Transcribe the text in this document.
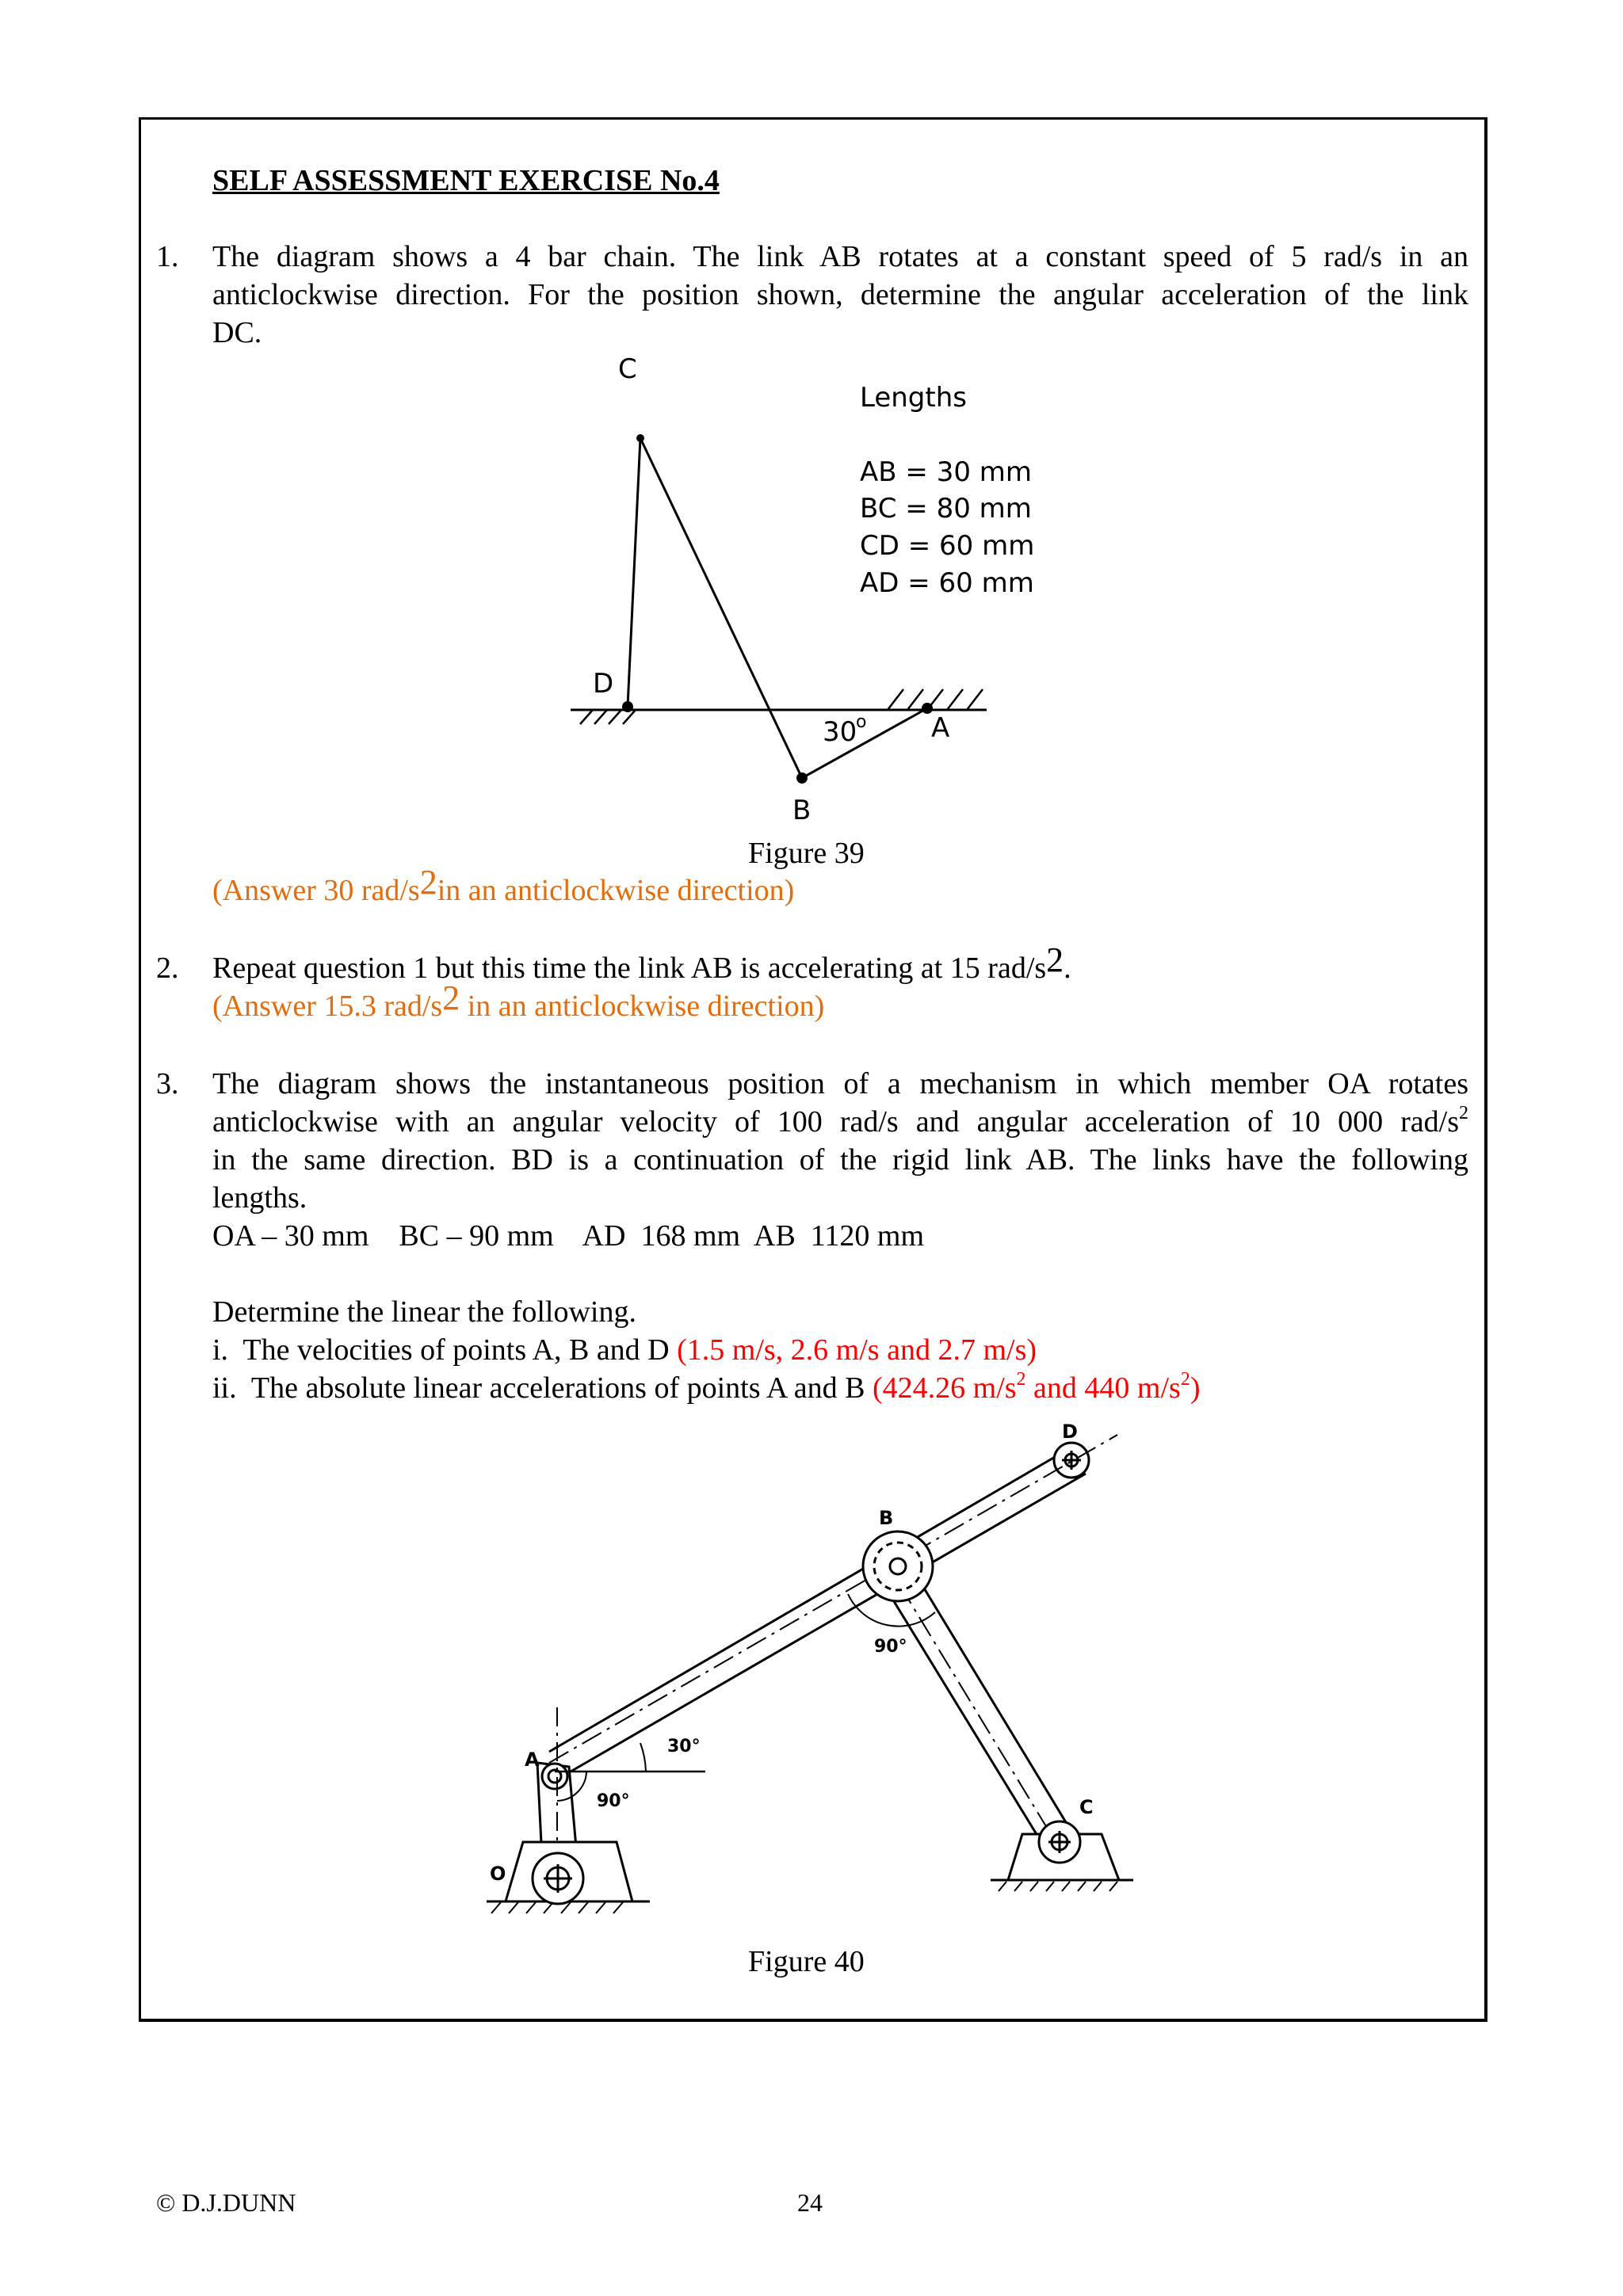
SELF ASSESSMENT EXERCISE No.4
1. The diagram shows a 4 bar chain. The link AB rotates at a constant speed of 5 rad/s in an
anticlockwise direction. For the position shown, determine the angular acceleration of the link
DC.
C
D
B
A
30
o
Lengths
AB = 30 mm
BC = 80 mm
CD = 60 mm
AD = 60 mm
Figure 39
(Answer 30 rad/s2in an anticlockwise direction)
2. Repeat question 1 but this time the link AB is accelerating at 15 rad/s2.
(Answer 15.3 rad/s2 in an anticlockwise direction)
3. The diagram shows the instantaneous position of a mechanism in which member OA rotates
anticlockwise with an angular velocity of 100 rad/s and angular acceleration of 10 000 rad/$s^2$
in the same direction. BD is a continuation of the rigid link AB. The links have the following
lengths.
OA – 30 mm    BC – 90 mm    AD  168 mm  AB  1120 mm
Determine the linear the following.
i.  The velocities of points A, B and D (1.5 m/s, 2.6 m/s and 2.7 m/s)
ii.  The absolute linear accelerations of points A and B (424.26 $m/s^2$ and 440 $m/s^2$)
D
B
A
O
C
30°
90°
90°
Figure 40
© D.J.DUNN	24
